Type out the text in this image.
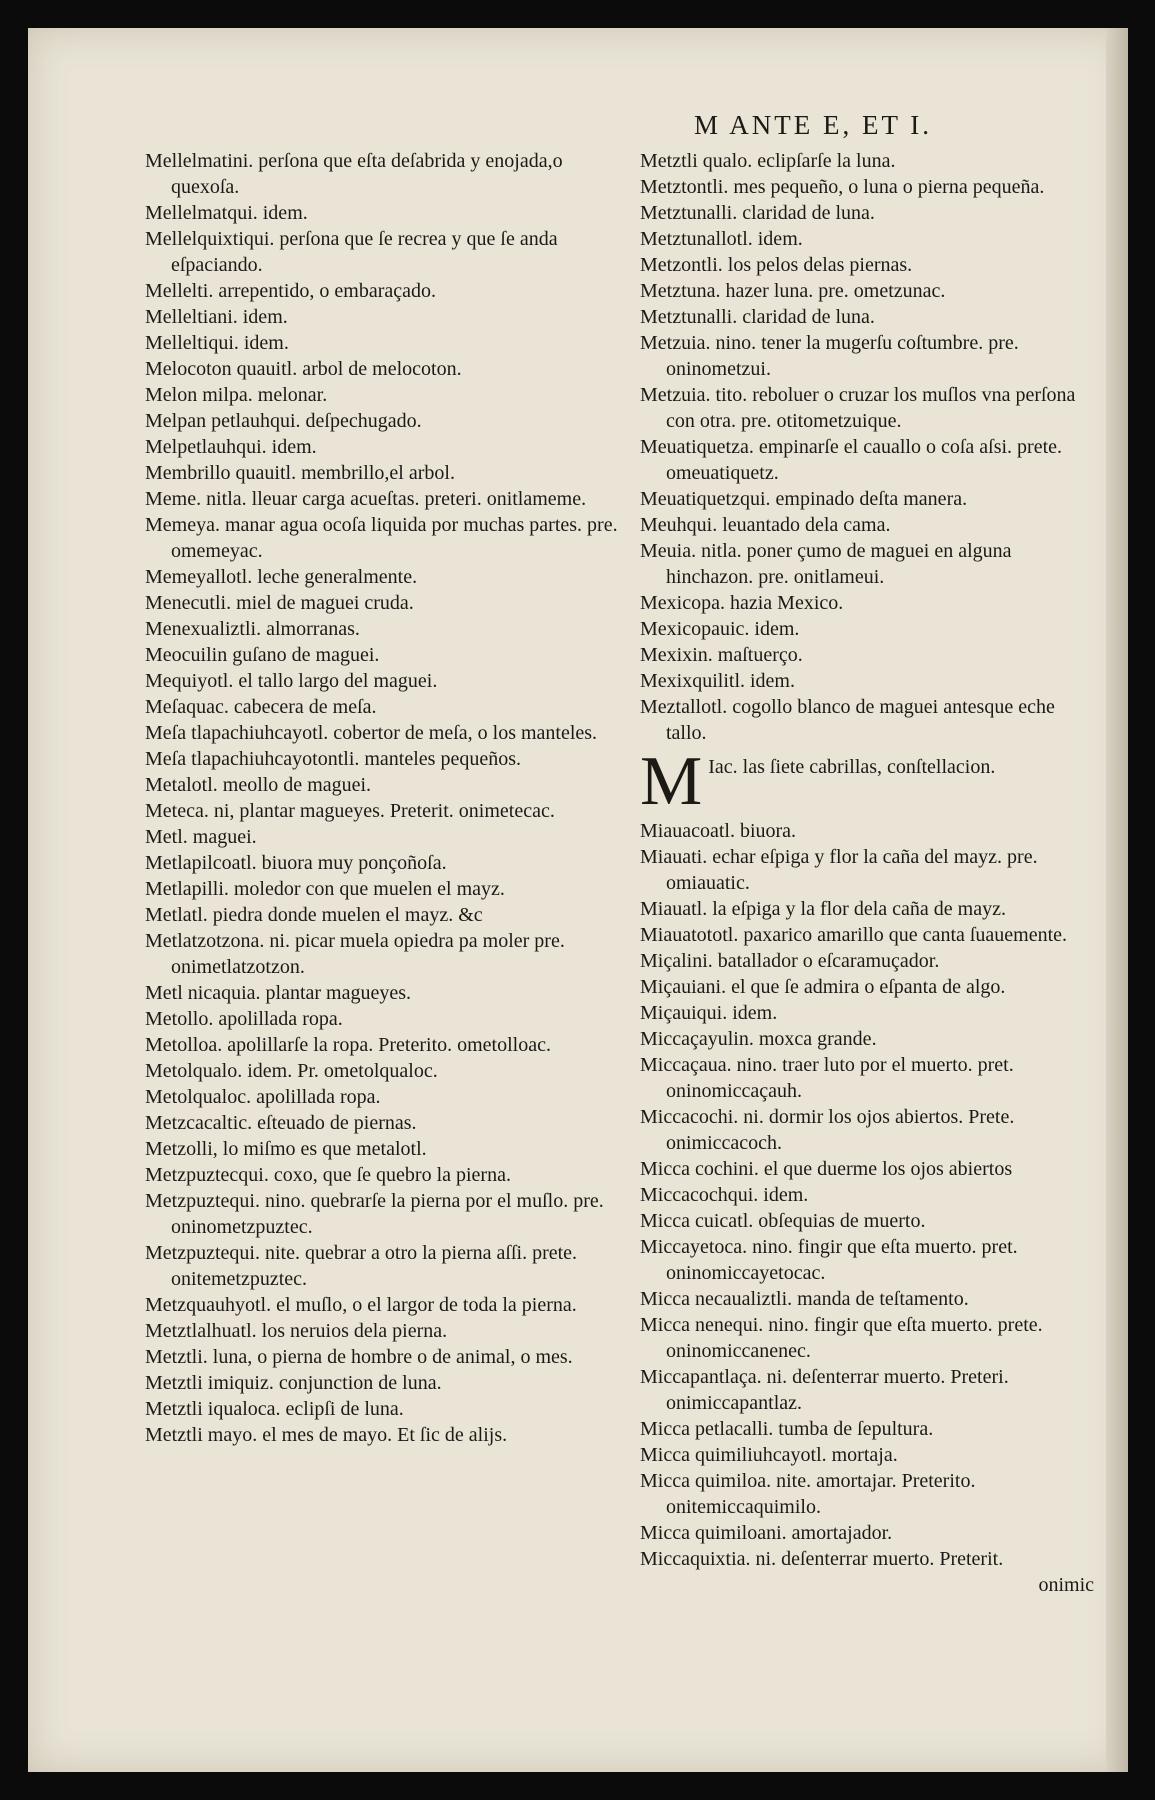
M ANTE E, ET I.

Mellelmatini. perſona que eſta deſabrida y enojada,o quexoſa.

Mellelmatqui. idem.

Mellelquixtiqui. perſona que ſe recrea y que ſe anda eſpaciando.

Mellelti. arrepentido, o embaraçado.

Melleltiani. idem.

Melleltiqui. idem.

Melocoton quauitl. arbol de melocoton.

Melon milpa. melonar.

Melpan petlauhqui. deſpechugado.

Melpetlauhqui. idem.

Membrillo quauitl. membrillo,el arbol.

Meme. nitla. lleuar carga acueſtas. preteri. onitlameme.

Memeya. manar agua ocoſa liquida por muchas partes. pre. omemeyac.

Memeyallotl. leche generalmente.

Menecutli. miel de maguei cruda.

Menexualiztli. almorranas.

Meocuilin guſano de maguei.

Mequiyotl. el tallo largo del maguei.

Meſaquac. cabecera de meſa.

Meſa tlapachiuhcayotl. cobertor de meſa, o los manteles.

Meſa tlapachiuhcayotontli. manteles pequeños.

Metalotl. meollo de maguei.

Meteca. ni, plantar magueyes. Preterit. onimetecac.

Metl. maguei.

Metlapilcoatl. biuora muy ponçoñoſa.

Metlapilli. moledor con que muelen el mayz.

Metlatl. piedra donde muelen el mayz. &c

Metlatzotzona. ni. picar muela opiedra pa moler pre. onimetlatzotzon.

Metl nicaquia. plantar magueyes.

Metollo. apolillada ropa.

Metolloa. apolillarſe la ropa. Preterito. ometolloac.

Metolqualo. idem. Pr. ometolqualoc.

Metolqualoc. apolillada ropa.

Metzcacaltic. eſteuado de piernas.

Metzolli, lo miſmo es que metalotl.

Metzpuztecqui. coxo, que ſe quebro la pierna.

Metzpuztequi. nino. quebrarſe la pierna por el muſlo. pre. oninometzpuztec.

Metzpuztequi. nite. quebrar a otro la pierna aſſi. prete. onitemetzpuztec.

Metzquauhyotl. el muſlo, o el largor de toda la pierna.

Metztlalhuatl. los neruios dela pierna.

Metztli. luna, o pierna de hombre o de animal, o mes.

Metztli imiquiz. conjunction de luna.

Metztli iqualoca. eclipſi de luna.

Metztli mayo. el mes de mayo. Et ſic de alijs.

Metztli qualo. eclipſarſe la luna.

Metztontli. mes pequeño, o luna o pierna pequeña.

Metztunalli. claridad de luna.

Metztunallotl. idem.

Metzontli. los pelos delas piernas.

Metztuna. hazer luna. pre. ometzunac.

Metztunalli. claridad de luna.

Metzuia. nino. tener la mugerſu coſtumbre. pre. oninometzui.

Metzuia. tito. reboluer o cruzar los muſlos vna perſona con otra. pre. otitometzuique.

Meuatiquetza. empinarſe el cauallo o coſa aſsi. prete. omeuatiquetz.

Meuatiquetzqui. empinado deſta manera.

Meuhqui. leuantado dela cama.

Meuia. nitla. poner çumo de maguei en alguna hinchazon. pre. onitlameui.

Mexicopa. hazia Mexico.

Mexicopauic. idem.

Mexixin. maſtuerço.

Mexixquilitl. idem.

Meztallotl. cogollo blanco de maguei antesque eche tallo.

M Iac. las ſiete cabrillas, conſtellacion.

Miauacoatl. biuora.

Miauati. echar eſpiga y flor la caña del mayz. pre. omiauatic.

Miauatl. la eſpiga y la flor dela caña de mayz.

Miauatototl. paxarico amarillo que canta ſuauemente.

Miçalini. batallador o eſcaramuçador.

Miçauiani. el que ſe admira o eſpanta de algo.

Miçauiqui. idem.

Miccaçayulin. moxca grande.

Miccaçaua. nino. traer luto por el muerto. pret. oninomiccaçauh.

Miccacochi. ni. dormir los ojos abiertos. Prete. onimiccacoch.

Micca cochini. el que duerme los ojos abiertos

Miccacochqui. idem.

Micca cuicatl. obſequias de muerto.

Miccayetoca. nino. fingir que eſta muerto. pret. oninomiccayetocac.

Micca necaualiztli. manda de teſtamento.

Micca nenequi. nino. fingir que eſta muerto. prete. oninomiccanenec.

Miccapantlaça. ni. deſenterrar muerto. Preteri. onimiccapantlaz.

Micca petlacalli. tumba de ſepultura.

Micca quimiliuhcayotl. mortaja.

Micca quimiloa. nite. amortajar. Preterito. onitemiccaquimilo.

Micca quimiloani. amortajador.

Miccaquixtia. ni. deſenterrar muerto. Preterit.

onimic
